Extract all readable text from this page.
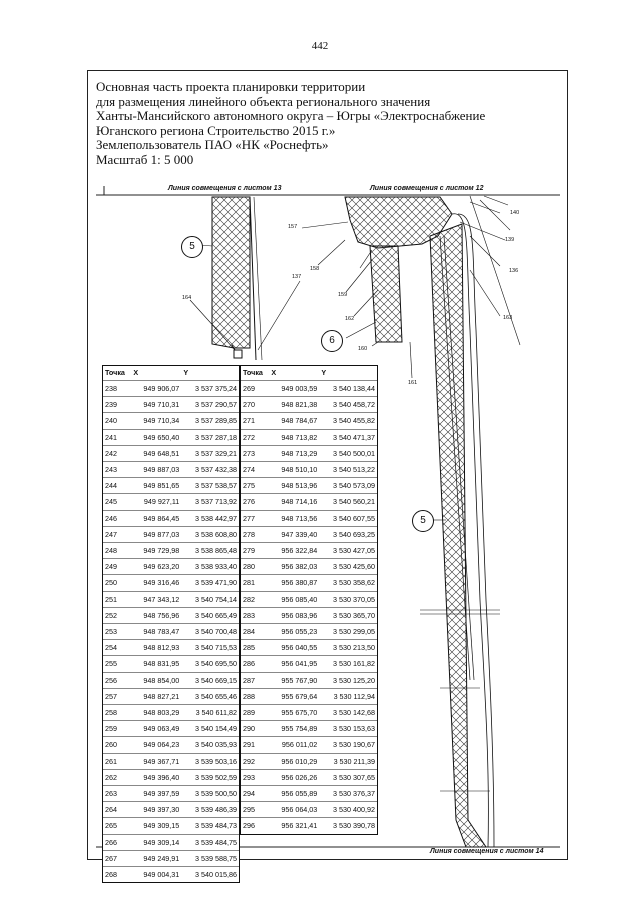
442
Основная часть проекта планировки территории
для размещения линейного объекта регионального значения
Ханты-Мансийского автономного округа – Югры «Электроснабжение
Юганского региона Строительство 2015 г.»
Землепользователь ПАО «НК «Роснефть»
Масштаб 1: 5 000
Линия совмещения с листом 13	Линия совмещения с листом 12
Линия совмещения с листом 14
5
6
5
140
157
139
158	136
137
159
164
162	163
160
161
Точка	X	Y
238	949 906,07	3 537 375,24
239	949 710,31	3 537 290,57
240	949 710,34	3 537 289,85
241	949 650,40	3 537 287,18
242	949 648,51	3 537 329,21
243	949 887,03	3 537 432,38
244	949 851,65	3 537 538,57
245	949 927,11	3 537 713,92
246	949 864,45	3 538 442,97
247	949 877,03	3 538 608,80
248	949 729,98	3 538 865,48
249	949 623,20	3 538 933,40
250	949 316,46	3 539 471,90
251	947 343,12	3 540 754,14
252	948 756,96	3 540 665,49
253	948 783,47	3 540 700,48
254	948 812,93	3 540 715,53
255	948 831,95	3 540 695,50
256	948 854,00	3 540 669,15
257	948 827,21	3 540 655,46
258	948 803,29	3 540 611,82
259	949 063,49	3 540 154,49
260	949 064,23	3 540 035,93
261	949 367,71	3 539 503,16
262	949 396,40	3 539 502,59
263	949 397,59	3 539 500,50
264	949 397,30	3 539 486,39
265	949 309,15	3 539 484,73
266	949 309,14	3 539 484,75
267	949 249,91	3 539 588,75
268	949 004,31	3 540 015,86
Точка	X	Y
269	949 003,59	3 540 138,44
270	948 821,38	3 540 458,72
271	948 784,67	3 540 455,82
272	948 713,82	3 540 471,37
273	948 713,29	3 540 500,01
274	948 510,10	3 540 513,22
275	948 513,96	3 540 573,09
276	948 714,16	3 540 560,21
277	948 713,56	3 540 607,55
278	947 339,40	3 540 693,25
279	956 322,84	3 530 427,05
280	956 382,03	3 530 425,60
281	956 380,87	3 530 358,62
282	956 085,40	3 530 370,05
283	956 083,96	3 530 365,70
284	956 055,23	3 530 299,05
285	956 040,55	3 530 213,50
286	956 041,95	3 530 161,82
287	955 767,90	3 530 125,20
288	955 679,64	3 530 112,94
289	955 675,70	3 530 142,68
290	955 754,89	3 530 153,63
291	956 011,02	3 530 190,67
292	956 010,29	3 530 211,39
293	956 026,26	3 530 307,65
294	956 055,89	3 530 376,37
295	956 064,03	3 530 400,92
296	956 321,41	3 530 390,78
